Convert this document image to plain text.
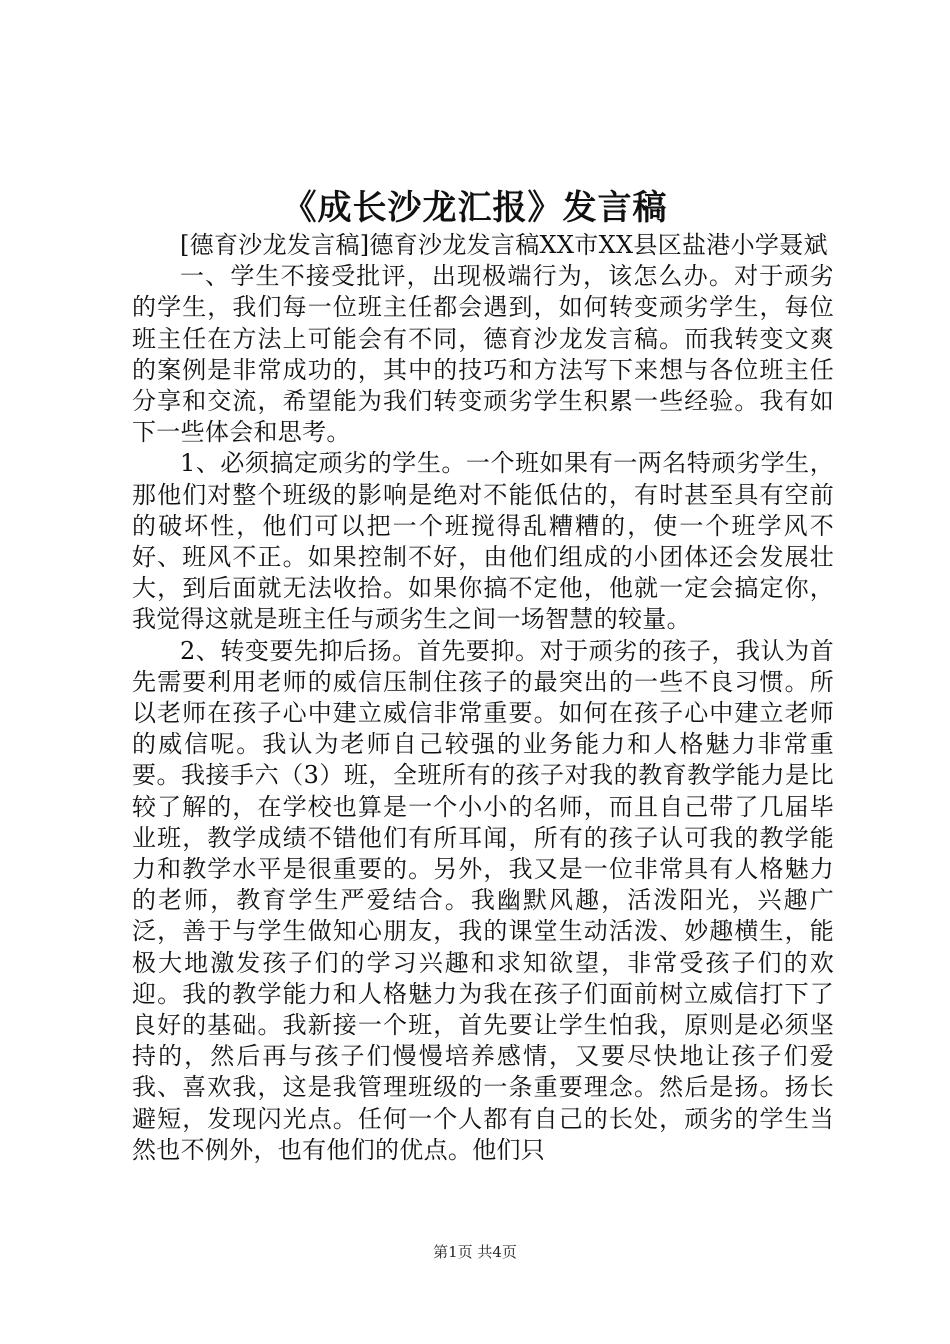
《成长沙龙汇报》发言稿

[德育沙龙发言稿]德育沙龙发言稿XX市XX县区盐港小学聂斌

一、学生不接受批评，出现极端行为，该怎么办。对于顽劣的学生，我们每一位班主任都会遇到，如何转变顽劣学生，每位班主任在方法上可能会有不同，德育沙龙发言稿。而我转变文爽的案例是非常成功的，其中的技巧和方法写下来想与各位班主任分享和交流，希望能为我们转变顽劣学生积累一些经验。我有如下一些体会和思考。

1、必须搞定顽劣的学生。一个班如果有一两名特顽劣学生，那他们对整个班级的影响是绝对不能低估的，有时甚至具有空前的破坏性，他们可以把一个班搅得乱糟糟的，使一个班学风不好、班风不正。如果控制不好，由他们组成的小团体还会发展壮大，到后面就无法收拾。如果你搞不定他，他就一定会搞定你，我觉得这就是班主任与顽劣生之间一场智慧的较量。

2、转变要先抑后扬。首先要抑。对于顽劣的孩子，我认为首先需要利用老师的威信压制住孩子的最突出的一些不良习惯。所以老师在孩子心中建立威信非常重要。如何在孩子心中建立老师的威信呢。我认为老师自己较强的业务能力和人格魅力非常重要。我接手六（3）班，全班所有的孩子对我的教育教学能力是比较了解的，在学校也算是一个小小的名师，而且自己带了几届毕业班，教学成绩不错他们有所耳闻，所有的孩子认可我的教学能力和教学水平是很重要的。另外，我又是一位非常具有人格魅力的老师，教育学生严爱结合。我幽默风趣，活泼阳光，兴趣广泛，善于与学生做知心朋友，我的课堂生动活泼、妙趣横生，能极大地激发孩子们的学习兴趣和求知欲望，非常受孩子们的欢迎。我的教学能力和人格魅力为我在孩子们面前树立威信打下了良好的基础。我新接一个班，首先要让学生怕我，原则是必须坚持的，然后再与孩子们慢慢培养感情，又要尽快地让孩子们爱我、喜欢我，这是我管理班级的一条重要理念。然后是扬。扬长避短，发现闪光点。任何一个人都有自己的长处，顽劣的学生当然也不例外，也有他们的优点。他们只

第1页 共4页
